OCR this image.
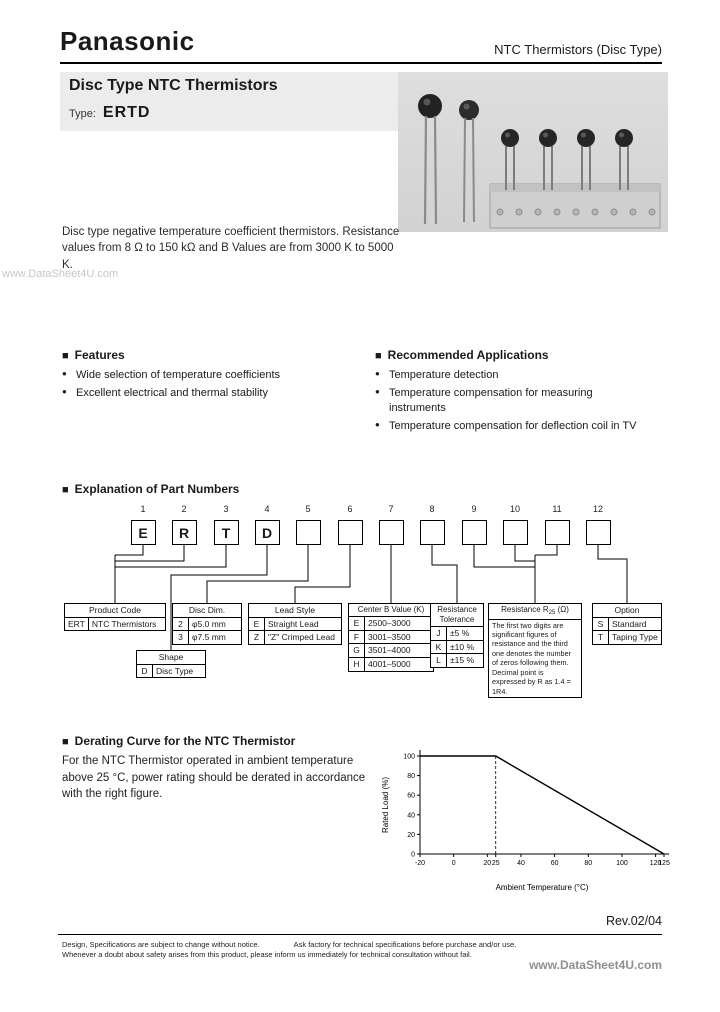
Panasonic	NTC Thermistors (Disc Type)
Disc Type NTC Thermistors
Type: ERTD

Disc type negative temperature coefficient thermistors. Resistance values from 8 Ω to 150 kΩ and B Values are from 3000 K to 5000 K.

www.DataSheet4U.com
■ Features
● Wide selection of temperature coefficients
● Excellent electrical and thermal stability
■ Recommended Applications
● Temperature detection
● Temperature compensation for measuring instruments
● Temperature compensation for deflection coil in TV
■ Explanation of Part Numbers
1	2	3	4	5	6	7	8	9	10	11	12
E R T D
Product Code
ERT	NTC Thermistors
Disc Dim.	
2	φ5.0 mm
3	φ7.5 mm
Shape
D	Disc Type
Lead Style	
E	Straight Lead
Z	"Z" Crimped Lead
Center B Value (K)	
E	2500–3000
F	3001–3500
G	3501–4000
H	4001–5000
Resistance Tolerance	
J	±5 %
K	±10 %
L	±15 %
Resistance $R_{25}$ (Ω)

The first two digits are significant figures of resistance and the third one denotes the number of zeros following them. Decimal point is expressed by R as 1.4 = 1R4.
Option	
S	Standard
T	Taping Type
■ Derating Curve for the NTC Thermistor

For the NTC Thermistor operated in ambient temperature above 25 °C, power rating should be derated in accordance with the right figure.

0
20
40
60
80
100
-20	0	20 25 40	60	80	100	120
125
Ambient Temperature (°C)
Rated Load (%)
Rev.02/04
Design, Specifications are subject to change without notice.	Ask factory for technical specifications before purchase and/or use.
Whenever a doubt about safety arises from this product, please inform us immediately for technical consultation without fail.
www.DataSheet4U.com
